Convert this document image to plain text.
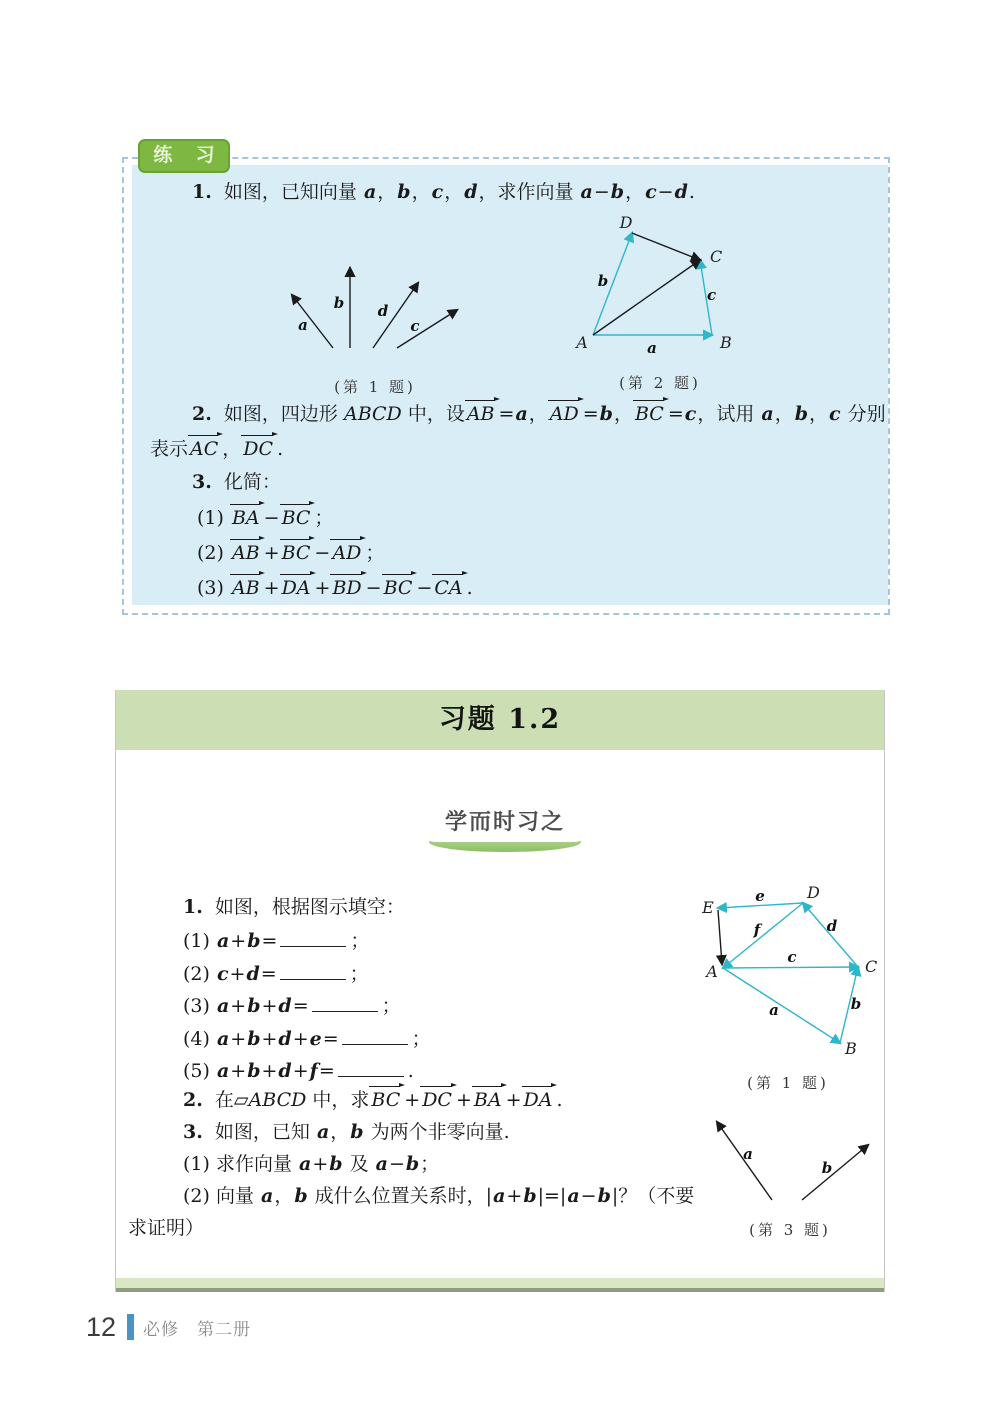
练 习
1.  如图，已知向量 a，b，c，d，求作向量 a−b，c−d.
a
b d
c
(第 1 题)
D
C
A	B
b
c
a
(第 2 题)
2.  如图，四边形 ABCD 中，设 AB =a， AD =b， BC =c，试用 a，b，c 分别
表示 AC ， DC .
3.  化简：
(1) BA − BC ；
(2) AB + BC − AD ；
(3) AB + DA + BD − BC − CA .
习题 1.2
学而时习之
1.  如图，根据图示填空：
(1) a+b=	；
(2) c+d=	；
(3) a+b+d=	；
(4) a+b+d+e=	；
(5) a+b+d+f=	.
2.  在▱ABCD 中，求 BC + DC + BA + DA .
3.  如图，已知 a，b 为两个非零向量.
(1) 求作向量 a+b 及 a−b；
(2) 向量 a，b 成什么位置关系时，|a+b|=|a−b|？（不要
求证明）
E
D
A	C
B
e
f	d
c
a	b
(第 1 题)
a
b
(第 3 题)
12 必修　第二册
